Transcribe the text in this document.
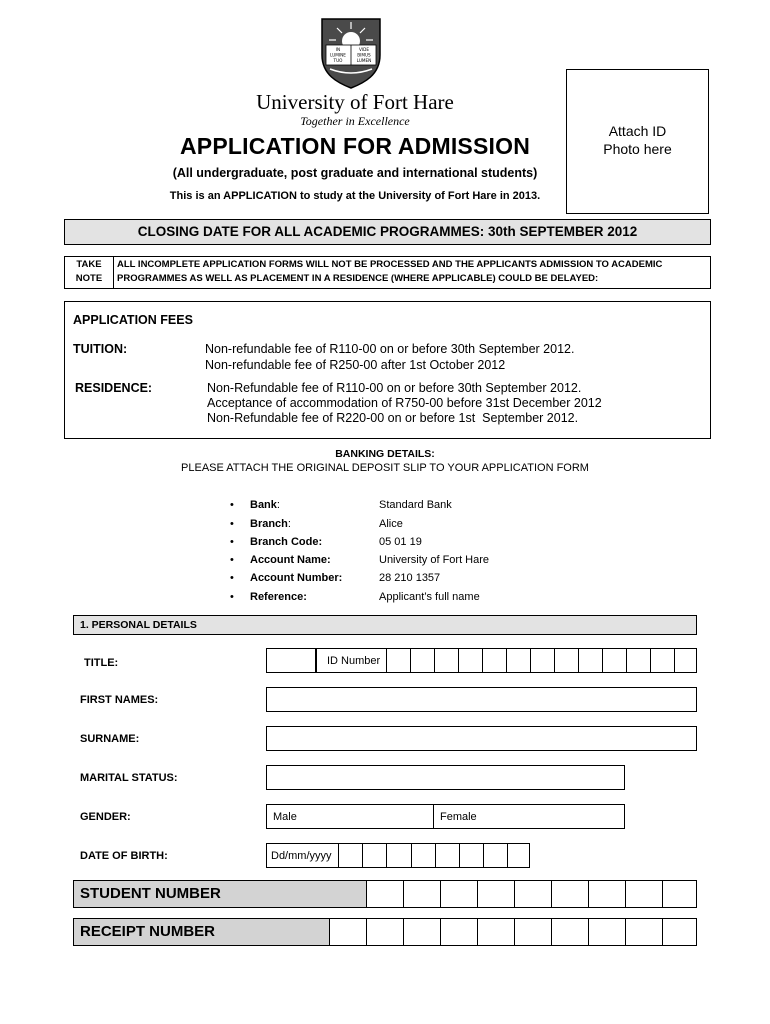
IN	VIDE
LUMINE	BIMUS
TUO	LUMEN
University of Fort Hare
Together in Excellence
APPLICATION FOR ADMISSION
(All undergraduate, post graduate and international students)
This is an APPLICATION to study at the University of Fort Hare in 2013.
Attach ID
Photo here
CLOSING DATE FOR ALL ACADEMIC PROGRAMMES: 30th SEPTEMBER 2012
TAKE
NOTE
ALL INCOMPLETE APPLICATION FORMS WILL NOT BE PROCESSED AND THE APPLICANTS ADMISSION TO ACADEMIC
PROGRAMMES AS WELL AS PLACEMENT IN A RESIDENCE (WHERE APPLICABLE) COULD BE DELAYED:
APPLICATION FEES
TUITION:	Non-refundable fee of R110-00 on or before 30th September 2012.
Non-refundable fee of R250-00 after 1st October 2012
RESIDENCE:	Non-Refundable fee of R110-00 on or before 30th September 2012.
Acceptance of accommodation of R750-00 before 31st December 2012
Non-Refundable fee of R220-00 on or before 1st  September 2012.
BANKING DETAILS:
PLEASE ATTACH THE ORIGINAL DEPOSIT SLIP TO YOUR APPLICATION FORM
• Bank:	Standard Bank
• Branch:	Alice
• Branch Code:	05 01 19
• Account Name:	University of Fort Hare
• Account Number:	28 210 1357
• Reference:	Applicant’s full name
1. PERSONAL DETAILS
TITLE:	ID Number
FIRST NAMES:
SURNAME:
MARITAL STATUS:
GENDER:	Male	Female
DATE OF BIRTH:	Dd/mm/yyyy
STUDENT NUMBER
RECEIPT NUMBER
